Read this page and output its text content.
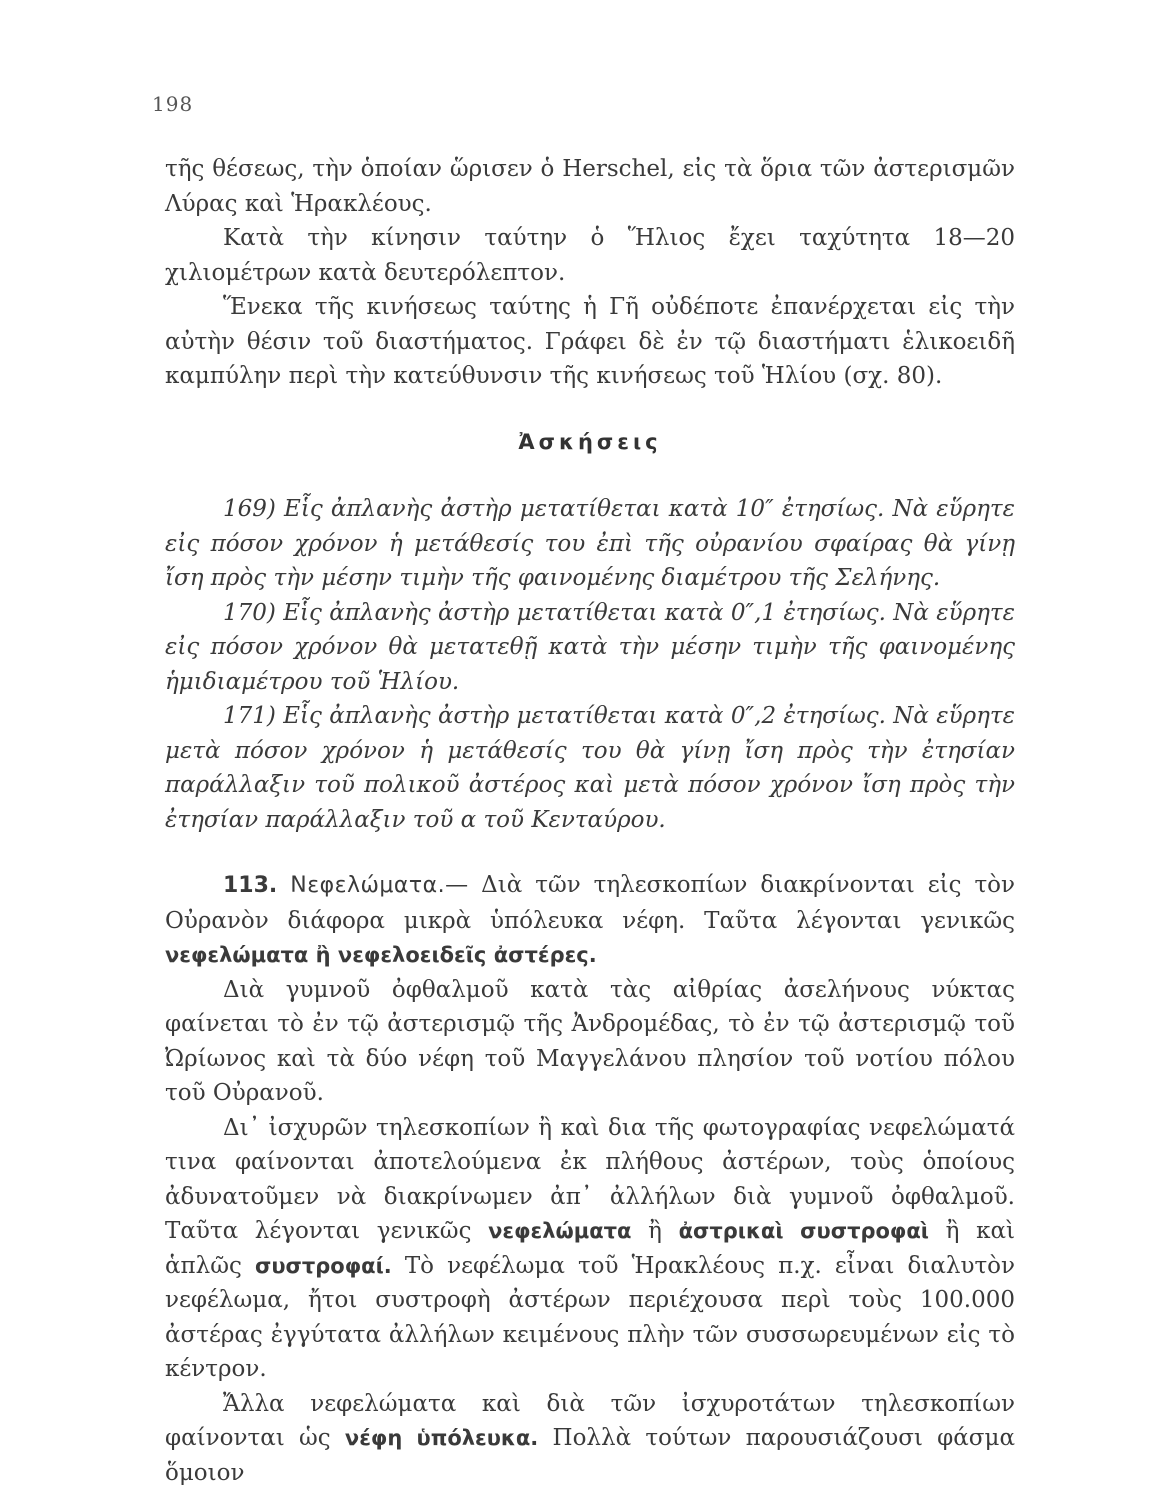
198

τῆς θέσεως, τὴν ὁποίαν ὥρισεν ὁ Herschel, εἰς τὰ ὅρια τῶν ἀστερισμῶν Λύρας καὶ Ἡρακλέους.

Κατὰ τὴν κίνησιν ταύτην ὁ Ἥλιος ἔχει ταχύτητα 18—20 χιλιομέτρων κατὰ δευτερόλεπτον.

Ἕνεκα τῆς κινήσεως ταύτης ἡ Γῆ οὐδέποτε ἐπανέρχεται εἰς τὴν αὐτὴν θέσιν τοῦ διαστήματος. Γράφει δὲ ἐν τῷ διαστήματι ἑλικοειδῆ καμπύλην περὶ τὴν κατεύθυνσιν τῆς κινήσεως τοῦ Ἡλίου (σχ. 80).

Ἀσκήσεις

169) Εἷς ἀπλανὴς ἀστὴρ μετατίθεται κατὰ 10″ ἐτησίως. Νὰ εὕρητε εἰς πόσον χρόνον ἡ μετάθεσίς του ἐπὶ τῆς οὐρανίου σφαίρας θὰ γίνῃ ἴση πρὸς τὴν μέσην τιμὴν τῆς φαινομένης διαμέτρου τῆς Σελήνης.

170) Εἷς ἀπλανὴς ἀστὴρ μετατίθεται κατὰ 0″,1 ἐτησίως. Νὰ εὕρητε εἰς πόσον χρόνον θὰ μετατεθῇ κατὰ τὴν μέσην τιμὴν τῆς φαινομένης ἡμιδιαμέτρου τοῦ Ἡλίου.

171) Εἷς ἀπλανὴς ἀστὴρ μετατίθεται κατὰ 0″,2 ἐτησίως. Νὰ εὕρητε μετὰ πόσον χρόνον ἡ μετάθεσίς του θὰ γίνῃ ἴση πρὸς τὴν ἐτησίαν παράλλαξιν τοῦ πολικοῦ ἀστέρος καὶ μετὰ πόσον χρόνον ἴση πρὸς τὴν ἐτησίαν παράλλαξιν τοῦ α τοῦ Κενταύρου.

113. Νεφελώματα.— Διὰ τῶν τηλεσκοπίων διακρίνονται εἰς τὸν Οὐρανὸν διάφορα μικρὰ ὑπόλευκα νέφη. Ταῦτα λέγονται γενικῶς νεφελώματα ἢ νεφελοειδεῖς ἀστέρες.

Διὰ γυμνοῦ ὀφθαλμοῦ κατὰ τὰς αἰθρίας ἀσελήνους νύκτας φαίνεται τὸ ἐν τῷ ἀστερισμῷ τῆς Ἀνδρομέδας, τὸ ἐν τῷ ἀστερισμῷ τοῦ Ὠρίωνος καὶ τὰ δύο νέφη τοῦ Μαγγελάνου πλησίον τοῦ νοτίου πόλου τοῦ Οὐρανοῦ.

Δι᾿ ἰσχυρῶν τηλεσκοπίων ἢ καὶ δια τῆς φωτογραφίας νεφελώματά τινα φαίνονται ἀποτελούμενα ἐκ πλήθους ἀστέρων, τοὺς ὁποίους ἀδυνατοῦμεν νὰ διακρίνωμεν ἀπ᾿ ἀλλήλων διὰ γυμνοῦ ὀφθαλμοῦ. Ταῦτα λέγονται γενικῶς νεφελώματα ἢ ἀστρικαὶ συστροφαὶ ἢ καὶ ἁπλῶς συστροφαί. Τὸ νεφέλωμα τοῦ Ἡρακλέους π.χ. εἶναι διαλυτὸν νεφέλωμα, ἤτοι συστροφὴ ἀστέρων περιέχουσα περὶ τοὺς 100.000 ἀστέρας ἐγγύτατα ἀλλήλων κειμένους πλὴν τῶν συσσωρευμένων εἰς τὸ κέντρον.

Ἄλλα νεφελώματα καὶ διὰ τῶν ἰσχυροτάτων τηλεσκοπίων φαίνονται ὡς νέφη ὑπόλευκα. Πολλὰ τούτων παρουσιάζουσι φάσμα ὅμοιον
